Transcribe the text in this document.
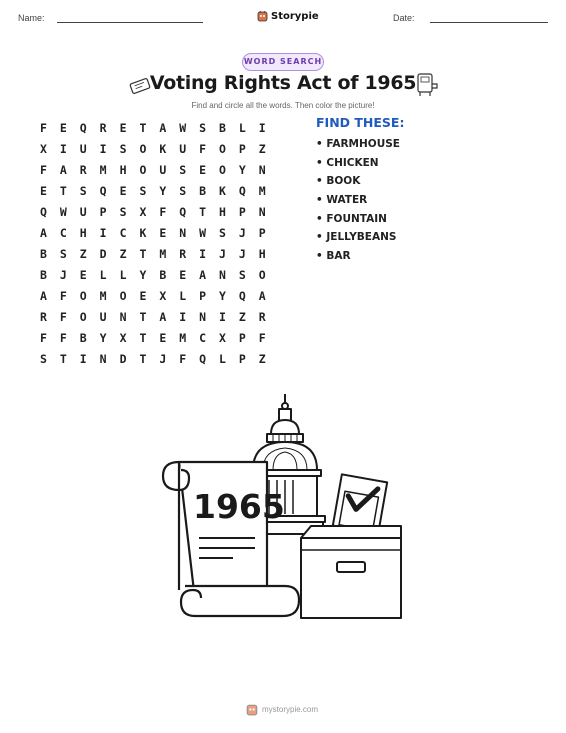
Name:	Storypie	Date:
WORD SEARCH
Voting Rights Act of 1965
Find and circle all the words. Then color the picture!
F	E	Q	R	E	T	A	W	S	B	L	I
X	I	U	I	S	O	K	U	F	O	P	Z
F	A	R	M	H	O	U	S	E	O	Y	N
E	T	S	Q	E	S	Y	S	B	K	Q	M
Q	W	U	P	S	X	F	Q	T	H	P	N
A	C	H	I	C	K	E	N	W	S	J	P
B	S	Z	D	Z	T	M	R	I	J	J	H
B	J	E	L	L	Y	B	E	A	N	S	O
A	F	O	M	O	E	X	L	P	Y	Q	A
R	F	O	U	N	T	A	I	N	I	Z	R
F	F	B	Y	X	T	E	M	C	X	P	F
S	T	I	N	D	T	J	F	Q	L	P	Z
FIND THESE:
• FARMHOUSE
• CHICKEN
• BOOK
• WATER
• FOUNTAIN
• JELLYBEANS
• BAR
1965
mystorypie.com
